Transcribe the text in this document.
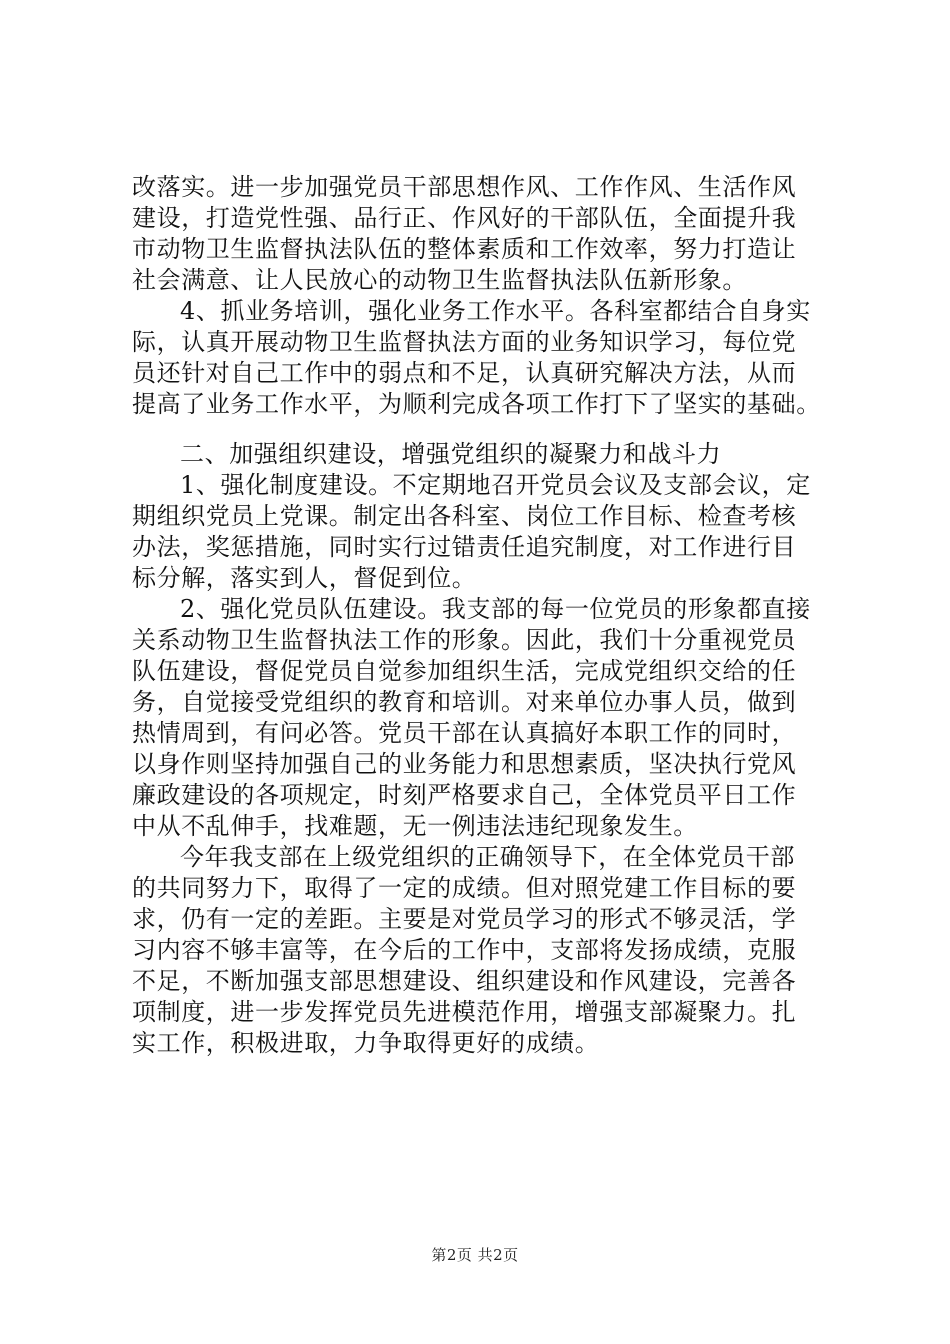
改落实。进一步加强党员干部思想作风、工作作风、生活作风
建设，打造党性强、品行正、作风好的干部队伍，全面提升我
市动物卫生监督执法队伍的整体素质和工作效率，努力打造让
社会满意、让人民放心的动物卫生监督执法队伍新形象。
4、抓业务培训，强化业务工作水平。各科室都结合自身实
际，认真开展动物卫生监督执法方面的业务知识学习，每位党
员还针对自己工作中的弱点和不足，认真研究解决方法，从而
提高了业务工作水平，为顺利完成各项工作打下了坚实的基础。
二、加强组织建设，增强党组织的凝聚力和战斗力
1、强化制度建设。不定期地召开党员会议及支部会议，定
期组织党员上党课。制定出各科室、岗位工作目标、检查考核
办法，奖惩措施，同时实行过错责任追究制度，对工作进行目
标分解，落实到人，督促到位。
2、强化党员队伍建设。我支部的每一位党员的形象都直接
关系动物卫生监督执法工作的形象。因此，我们十分重视党员
队伍建设，督促党员自觉参加组织生活，完成党组织交给的任
务，自觉接受党组织的教育和培训。对来单位办事人员，做到
热情周到，有问必答。党员干部在认真搞好本职工作的同时，
以身作则坚持加强自己的业务能力和思想素质，坚决执行党风
廉政建设的各项规定，时刻严格要求自己，全体党员平日工作
中从不乱伸手，找难题，无一例违法违纪现象发生。
今年我支部在上级党组织的正确领导下，在全体党员干部
的共同努力下，取得了一定的成绩。但对照党建工作目标的要
求，仍有一定的差距。主要是对党员学习的形式不够灵活，学
习内容不够丰富等，在今后的工作中，支部将发扬成绩，克服
不足，不断加强支部思想建设、组织建设和作风建设，完善各
项制度，进一步发挥党员先进模范作用，增强支部凝聚力。扎
实工作，积极进取，力争取得更好的成绩。
第2页 共2页
